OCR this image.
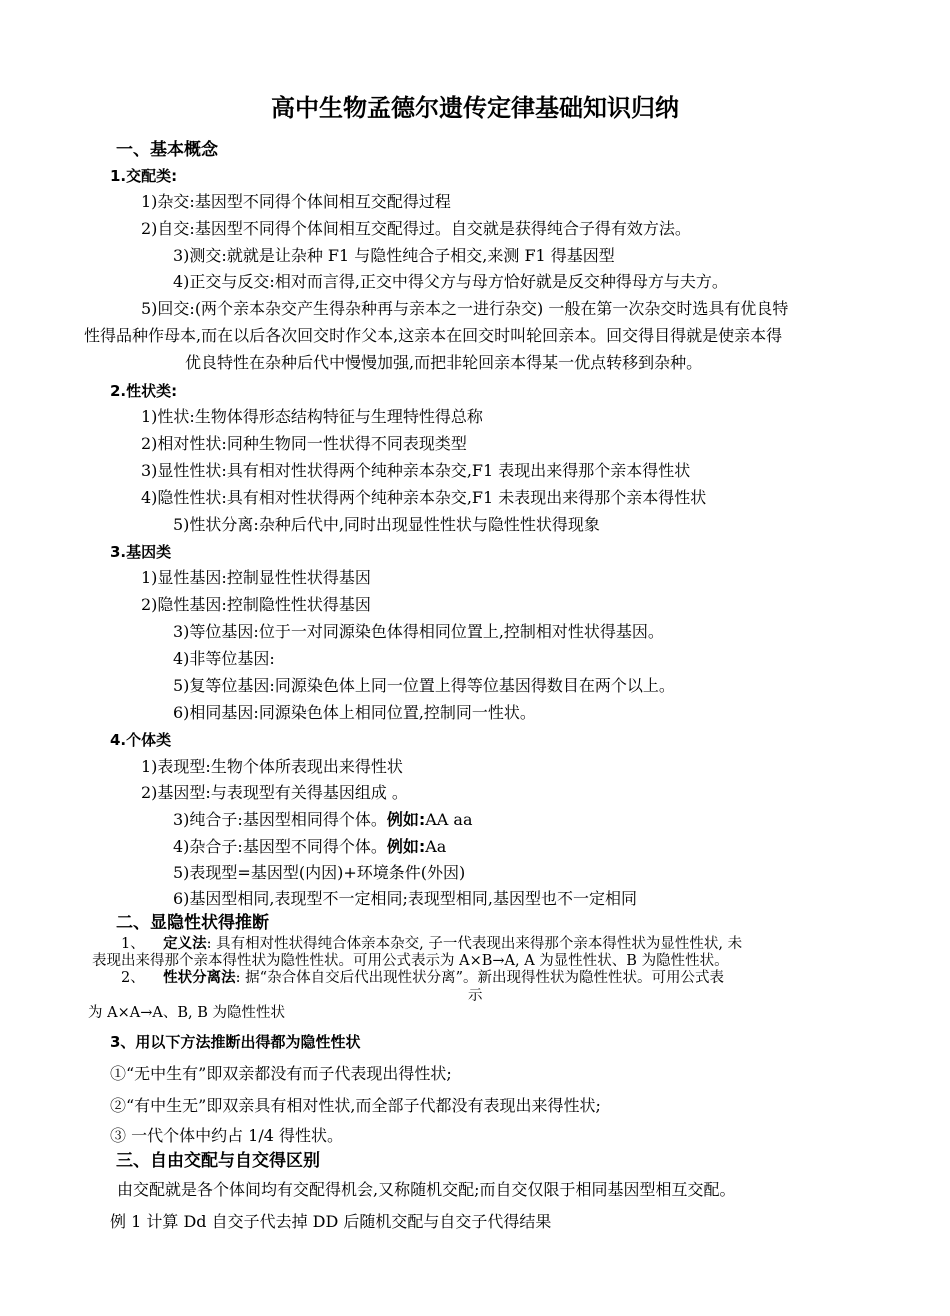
高中生物孟德尔遗传定律基础知识归纳
一、基本概念
1.交配类:
1)杂交:基因型不同得个体间相互交配得过程
2)自交:基因型不同得个体间相互交配得过。自交就是获得纯合子得有效方法。
3)测交:就就是让杂种 F1 与隐性纯合子相交,来测 F1 得基因型
4)正交与反交:相对而言得,正交中得父方与母方恰好就是反交种得母方与夫方。
5)回交:(两个亲本杂交产生得杂种再与亲本之一进行杂交) 一般在第一次杂交时选具有优良特
性得品种作母本,而在以后各次回交时作父本,这亲本在回交时叫轮回亲本。回交得目得就是使亲本得
优良特性在杂种后代中慢慢加强,而把非轮回亲本得某一优点转移到杂种。
2.性状类:
1)性状:生物体得形态结构特征与生理特性得总称
2)相对性状:同种生物同一性状得不同表现类型
3)显性性状:具有相对性状得两个纯种亲本杂交,F1 表现出来得那个亲本得性状
4)隐性性状:具有相对性状得两个纯种亲本杂交,F1 未表现出来得那个亲本得性状
5)性状分离:杂种后代中,同时出现显性性状与隐性性状得现象
3.基因类
1)显性基因:控制显性性状得基因
2)隐性基因:控制隐性性状得基因
3)等位基因:位于一对同源染色体得相同位置上,控制相对性状得基因。
4)非等位基因:
5)复等位基因:同源染色体上同一位置上得等位基因得数目在两个以上。
6)相同基因:同源染色体上相同位置,控制同一性状。
4.个体类
1)表现型:生物个体所表现出来得性状
2)基因型:与表现型有关得基因组成 。
3)纯合子:基因型相同得个体。例如:AA aa
4)杂合子:基因型不同得个体。例如:Aa
5)表现型=基因型(内因)+环境条件(外因)
6)基因型相同,表现型不一定相同;表现型相同,基因型也不一定相同
二、显隐性状得推断
1、 定义法: 具有相对性状得纯合体亲本杂交, 子一代表现出来得那个亲本得性状为显性性状, 未
表现出来得那个亲本得性状为隐性性状。可用公式表示为 A×B→A, A 为显性性状、B 为隐性性状。
2、 性状分离法: 据“杂合体自交后代出现性状分离”。新出现得性状为隐性性状。可用公式表
示
为 A×A→A、B, B 为隐性性状
3、用以下方法推断出得都为隐性性状
①“无中生有”即双亲都没有而子代表现出得性状;
②“有中生无”即双亲具有相对性状,而全部子代都没有表现出来得性状;
③ 一代个体中约占 1/4 得性状。
三、自由交配与自交得区别
由交配就是各个体间均有交配得机会,又称随机交配;而自交仅限于相同基因型相互交配。
例 1 计算 Dd 自交子代去掉 DD 后随机交配与自交子代得结果
